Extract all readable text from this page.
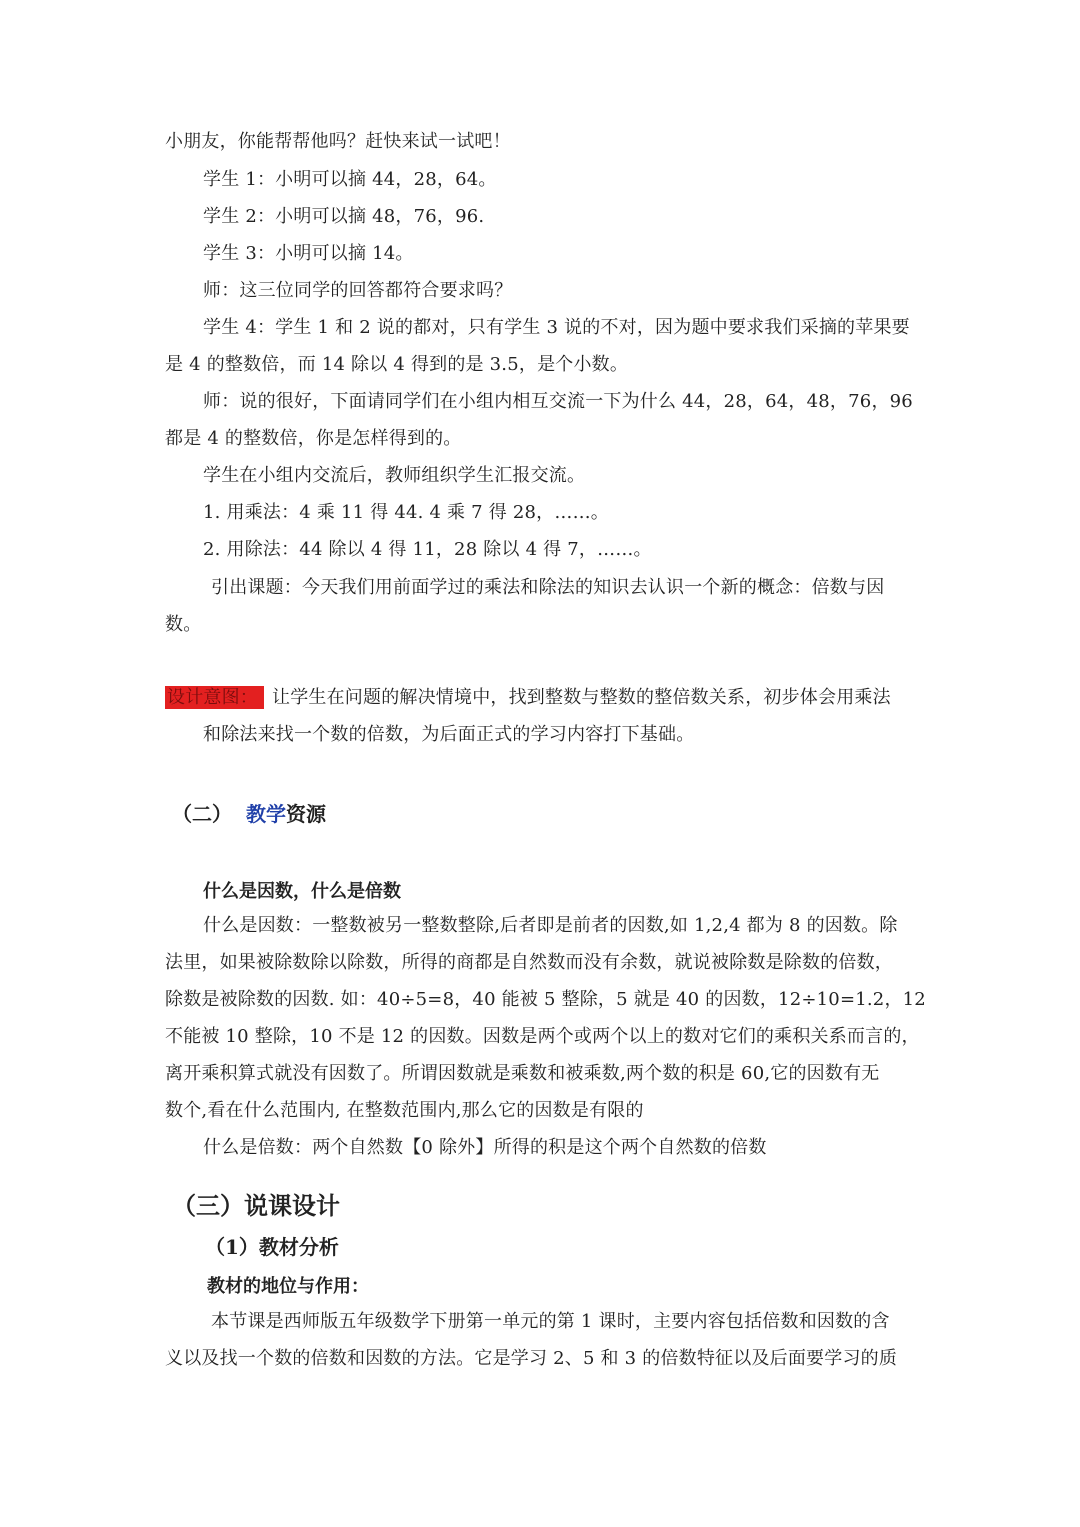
小朋友，你能帮帮他吗？赶快来试一试吧！
学生 1：小明可以摘 44，28，64。
学生 2：小明可以摘 48，76，96.
学生 3：小明可以摘 14。
师：这三位同学的回答都符合要求吗？
学生 4：学生 1 和 2 说的都对，只有学生 3 说的不对，因为题中要求我们采摘的苹果要
是 4 的整数倍，而 14 除以 4 得到的是 3.5，是个小数。
师：说的很好，下面请同学们在小组内相互交流一下为什么 44，28，64，48，76，96
都是 4 的整数倍，你是怎样得到的。
学生在小组内交流后，教师组织学生汇报交流。
1. 用乘法：4 乘 11 得 44. 4 乘 7 得 28，……。
2. 用除法：44 除以 4 得 11，28 除以 4 得 7，……。
引出课题：今天我们用前面学过的乘法和除法的知识去认识一个新的概念：倍数与因
数。
设计意图： 让学生在问题的解决情境中，找到整数与整数的整倍数关系，初步体会用乘法
和除法来找一个数的倍数，为后面正式的学习内容打下基础。
（二） 教学资源
什么是因数，什么是倍数
什么是因数：一整数被另一整数整除,后者即是前者的因数,如 1,2,4 都为 8 的因数。除
法里，如果被除数除以除数，所得的商都是自然数而没有余数，就说被除数是除数的倍数，
除数是被除数的因数. 如：40÷5=8，40 能被 5 整除，5 就是 40 的因数，12÷10=1.2，12
不能被 10 整除，10 不是 12 的因数。因数是两个或两个以上的数对它们的乘积关系而言的，
离开乘积算式就没有因数了。所谓因数就是乘数和被乘数,两个数的积是 60,它的因数有无
数个,看在什么范围内, 在整数范围内,那么它的因数是有限的
什么是倍数：两个自然数【0 除外】所得的积是这个两个自然数的倍数
（三）说课设计
（1）教材分析
教材的地位与作用：
本节课是西师版五年级数学下册第一单元的第 1 课时，主要内容包括倍数和因数的含
义以及找一个数的倍数和因数的方法。它是学习 2、5 和 3 的倍数特征以及后面要学习的质
